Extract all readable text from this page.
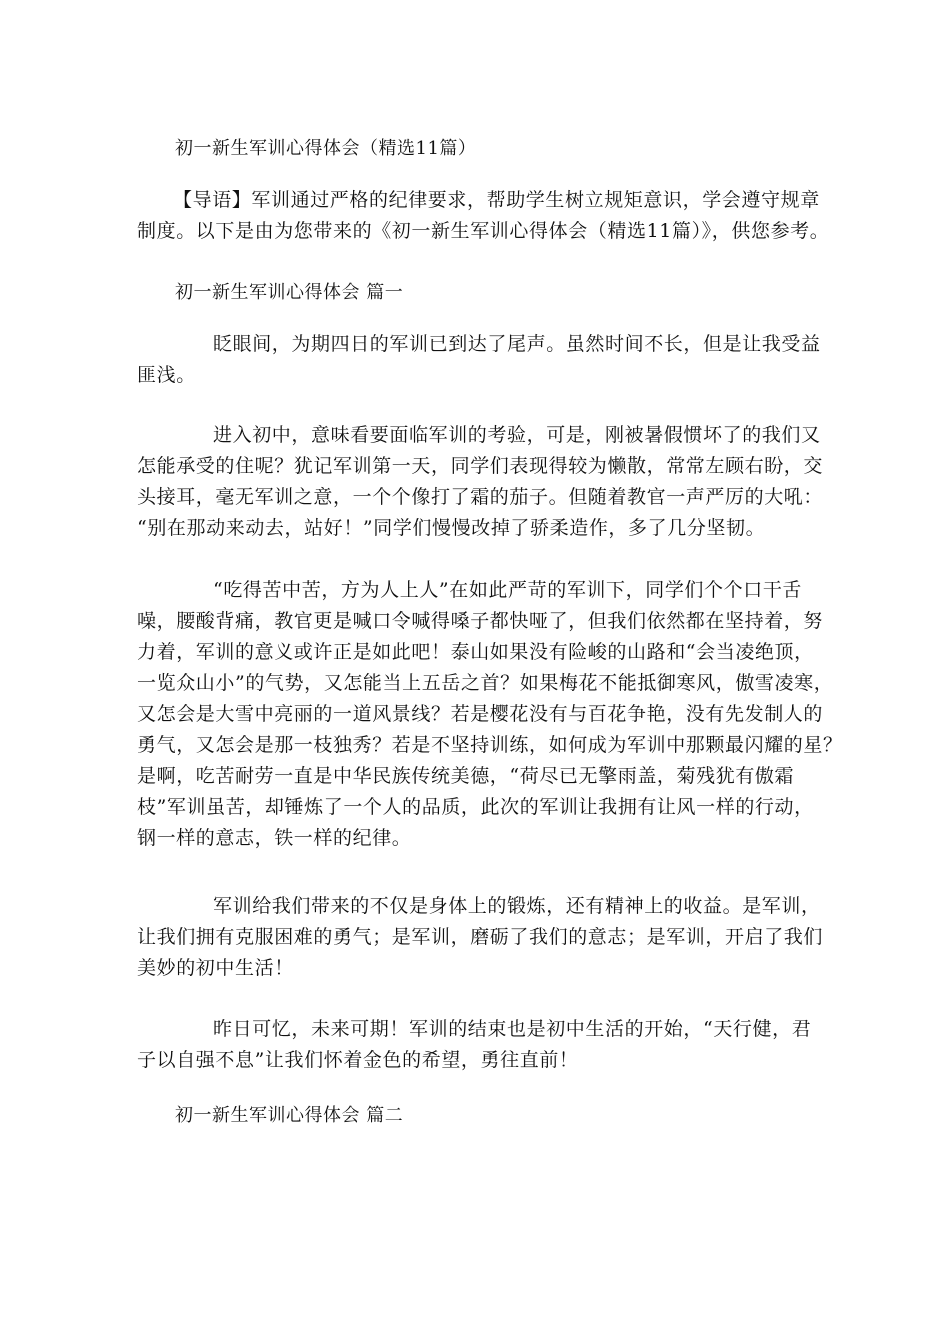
初一新生军训心得体会（精选11篇）
【导语】军训通过严格的纪律要求，帮助学生树立规矩意识，学会遵守规章
制度。以下是由为您带来的《初一新生军训心得体会（精选11篇）》，供您参考。
初一新生军训心得体会 篇一
眨眼间，为期四日的军训已到达了尾声。虽然时间不长，但是让我受益
匪浅。
进入初中，意味看要面临军训的考验，可是，刚被暑假惯坏了的我们又
怎能承受的住呢？犹记军训第一天，同学们表现得较为懒散，常常左顾右盼，交
头接耳，毫无军训之意，一个个像打了霜的茄子。但随着教官一声严厉的大吼：
“别在那动来动去，站好！”同学们慢慢改掉了骄柔造作，多了几分坚韧。
“吃得苦中苦，方为人上人”在如此严苛的军训下，同学们个个口干舌
噪，腰酸背痛，教官更是喊口令喊得嗓子都快哑了，但我们依然都在坚持着，努
力着，军训的意义或许正是如此吧！泰山如果没有险峻的山路和“会当凌绝顶，
一览众山小”的气势，又怎能当上五岳之首？如果梅花不能抵御寒风，傲雪凌寒，
又怎会是大雪中亮丽的一道风景线？若是樱花没有与百花争艳，没有先发制人的
勇气，又怎会是那一枝独秀？若是不坚持训练，如何成为军训中那颗最闪耀的星？
是啊，吃苦耐劳一直是中华民族传统美德，“荷尽已无擎雨盖，菊残犹有傲霜
枝”军训虽苦，却锤炼了一个人的品质，此次的军训让我拥有让风一样的行动，
钢一样的意志，铁一样的纪律。
军训给我们带来的不仅是身体上的锻炼，还有精神上的收益。是军训，
让我们拥有克服困难的勇气；是军训，磨砺了我们的意志；是军训，开启了我们
美妙的初中生活！
昨日可忆，未来可期！军训的结束也是初中生活的开始，“天行健，君
子以自强不息”让我们怀着金色的希望，勇往直前！
初一新生军训心得体会 篇二
